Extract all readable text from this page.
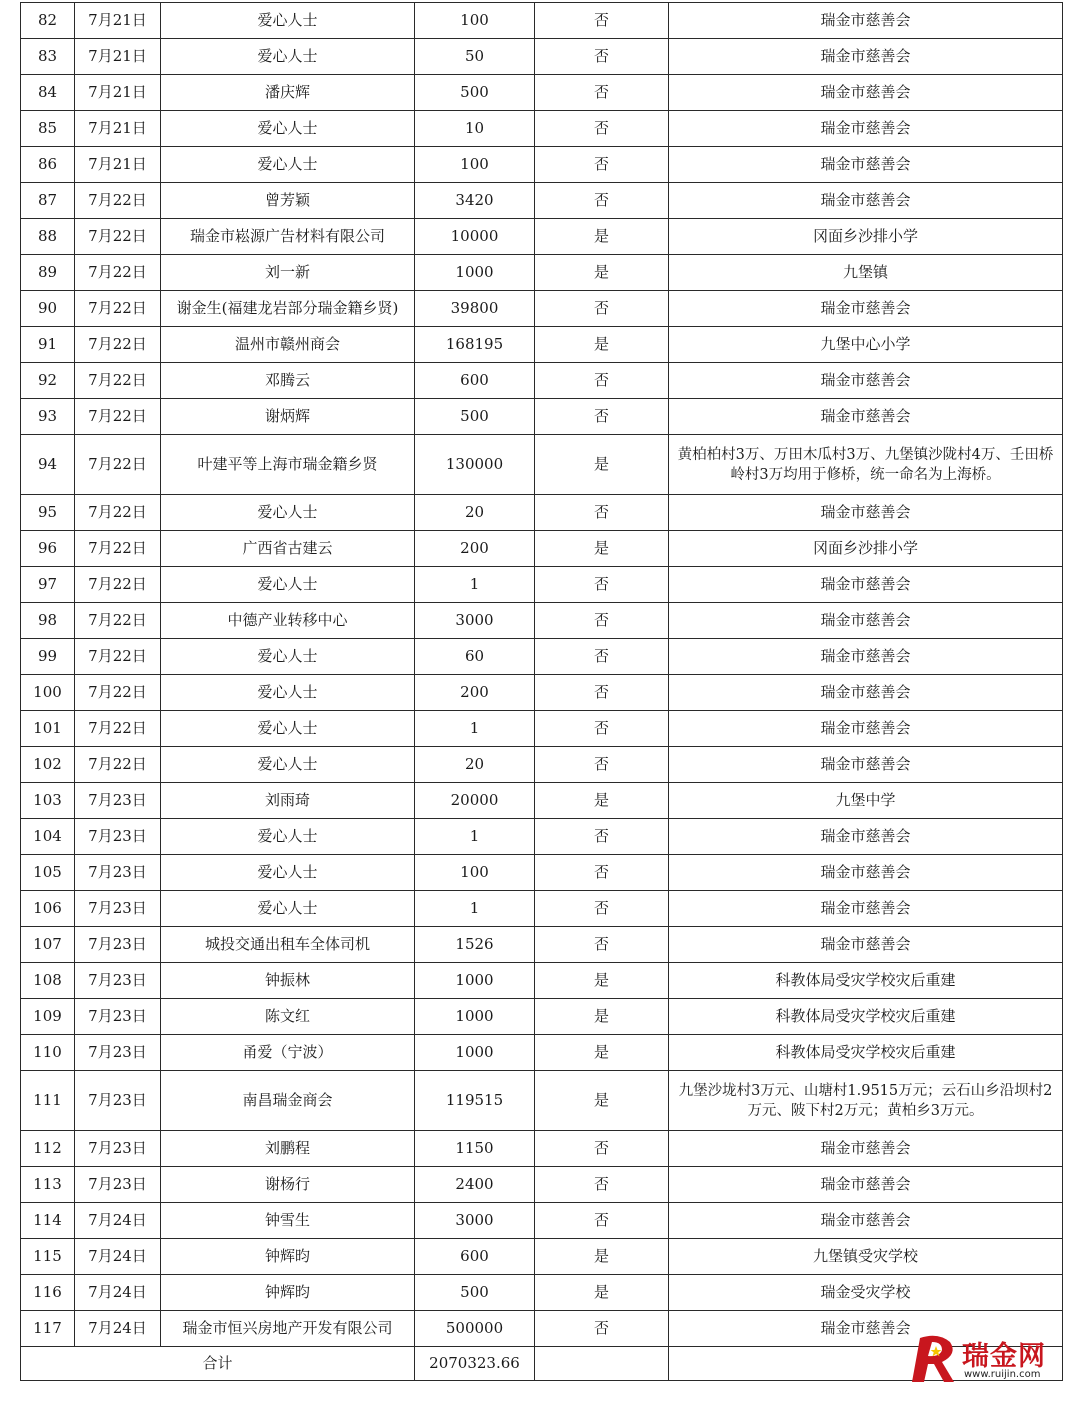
82	7月21日	爱心人士	100	否	瑞金市慈善会
83	7月21日	爱心人士	50	否	瑞金市慈善会
84	7月21日	潘庆辉	500	否	瑞金市慈善会
85	7月21日	爱心人士	10	否	瑞金市慈善会
86	7月21日	爱心人士	100	否	瑞金市慈善会
87	7月22日	曾芳颖	3420	否	瑞金市慈善会
88	7月22日	瑞金市崧源广告材料有限公司	10000	是	冈面乡沙排小学
89	7月22日	刘一新	1000	是	九堡镇
90	7月22日	谢金生(福建龙岩部分瑞金籍乡贤)	39800	否	瑞金市慈善会
91	7月22日	温州市赣州商会	168195	是	九堡中心小学
92	7月22日	邓腾云	600	否	瑞金市慈善会
93	7月22日	谢炳辉	500	否	瑞金市慈善会
94	7月22日	叶建平等上海市瑞金籍乡贤	130000	是	黄柏柏村3万、万田木瓜村3万、九堡镇沙陇村4万、壬田桥岭村3万均用于修桥，统一命名为上海桥。
95	7月22日	爱心人士	20	否	瑞金市慈善会
96	7月22日	广西省古建云	200	是	冈面乡沙排小学
97	7月22日	爱心人士	1	否	瑞金市慈善会
98	7月22日	中德产业转移中心	3000	否	瑞金市慈善会
99	7月22日	爱心人士	60	否	瑞金市慈善会
100	7月22日	爱心人士	200	否	瑞金市慈善会
101	7月22日	爱心人士	1	否	瑞金市慈善会
102	7月22日	爱心人士	20	否	瑞金市慈善会
103	7月23日	刘雨琦	20000	是	九堡中学
104	7月23日	爱心人士	1	否	瑞金市慈善会
105	7月23日	爱心人士	100	否	瑞金市慈善会
106	7月23日	爱心人士	1	否	瑞金市慈善会
107	7月23日	城投交通出租车全体司机	1526	否	瑞金市慈善会
108	7月23日	钟振林	1000	是	科教体局受灾学校灾后重建
109	7月23日	陈文红	1000	是	科教体局受灾学校灾后重建
110	7月23日	甬爱（宁波）	1000	是	科教体局受灾学校灾后重建
111	7月23日	南昌瑞金商会	119515	是	九堡沙垅村3万元、山塘村1.9515万元；云石山乡沿坝村2万元、陂下村2万元；黄柏乡3万元。
112	7月23日	刘鹏程	1150	否	瑞金市慈善会
113	7月23日	谢杨行	2400	否	瑞金市慈善会
114	7月24日	钟雪生	3000	否	瑞金市慈善会
115	7月24日	钟辉昀	600	是	九堡镇受灾学校
116	7月24日	钟辉昀	500	是	瑞金受灾学校
117	7月24日	瑞金市恒兴房地产开发有限公司	500000	否	瑞金市慈善会
合计			2070323.66			瑞金网
www.ruijin.com
